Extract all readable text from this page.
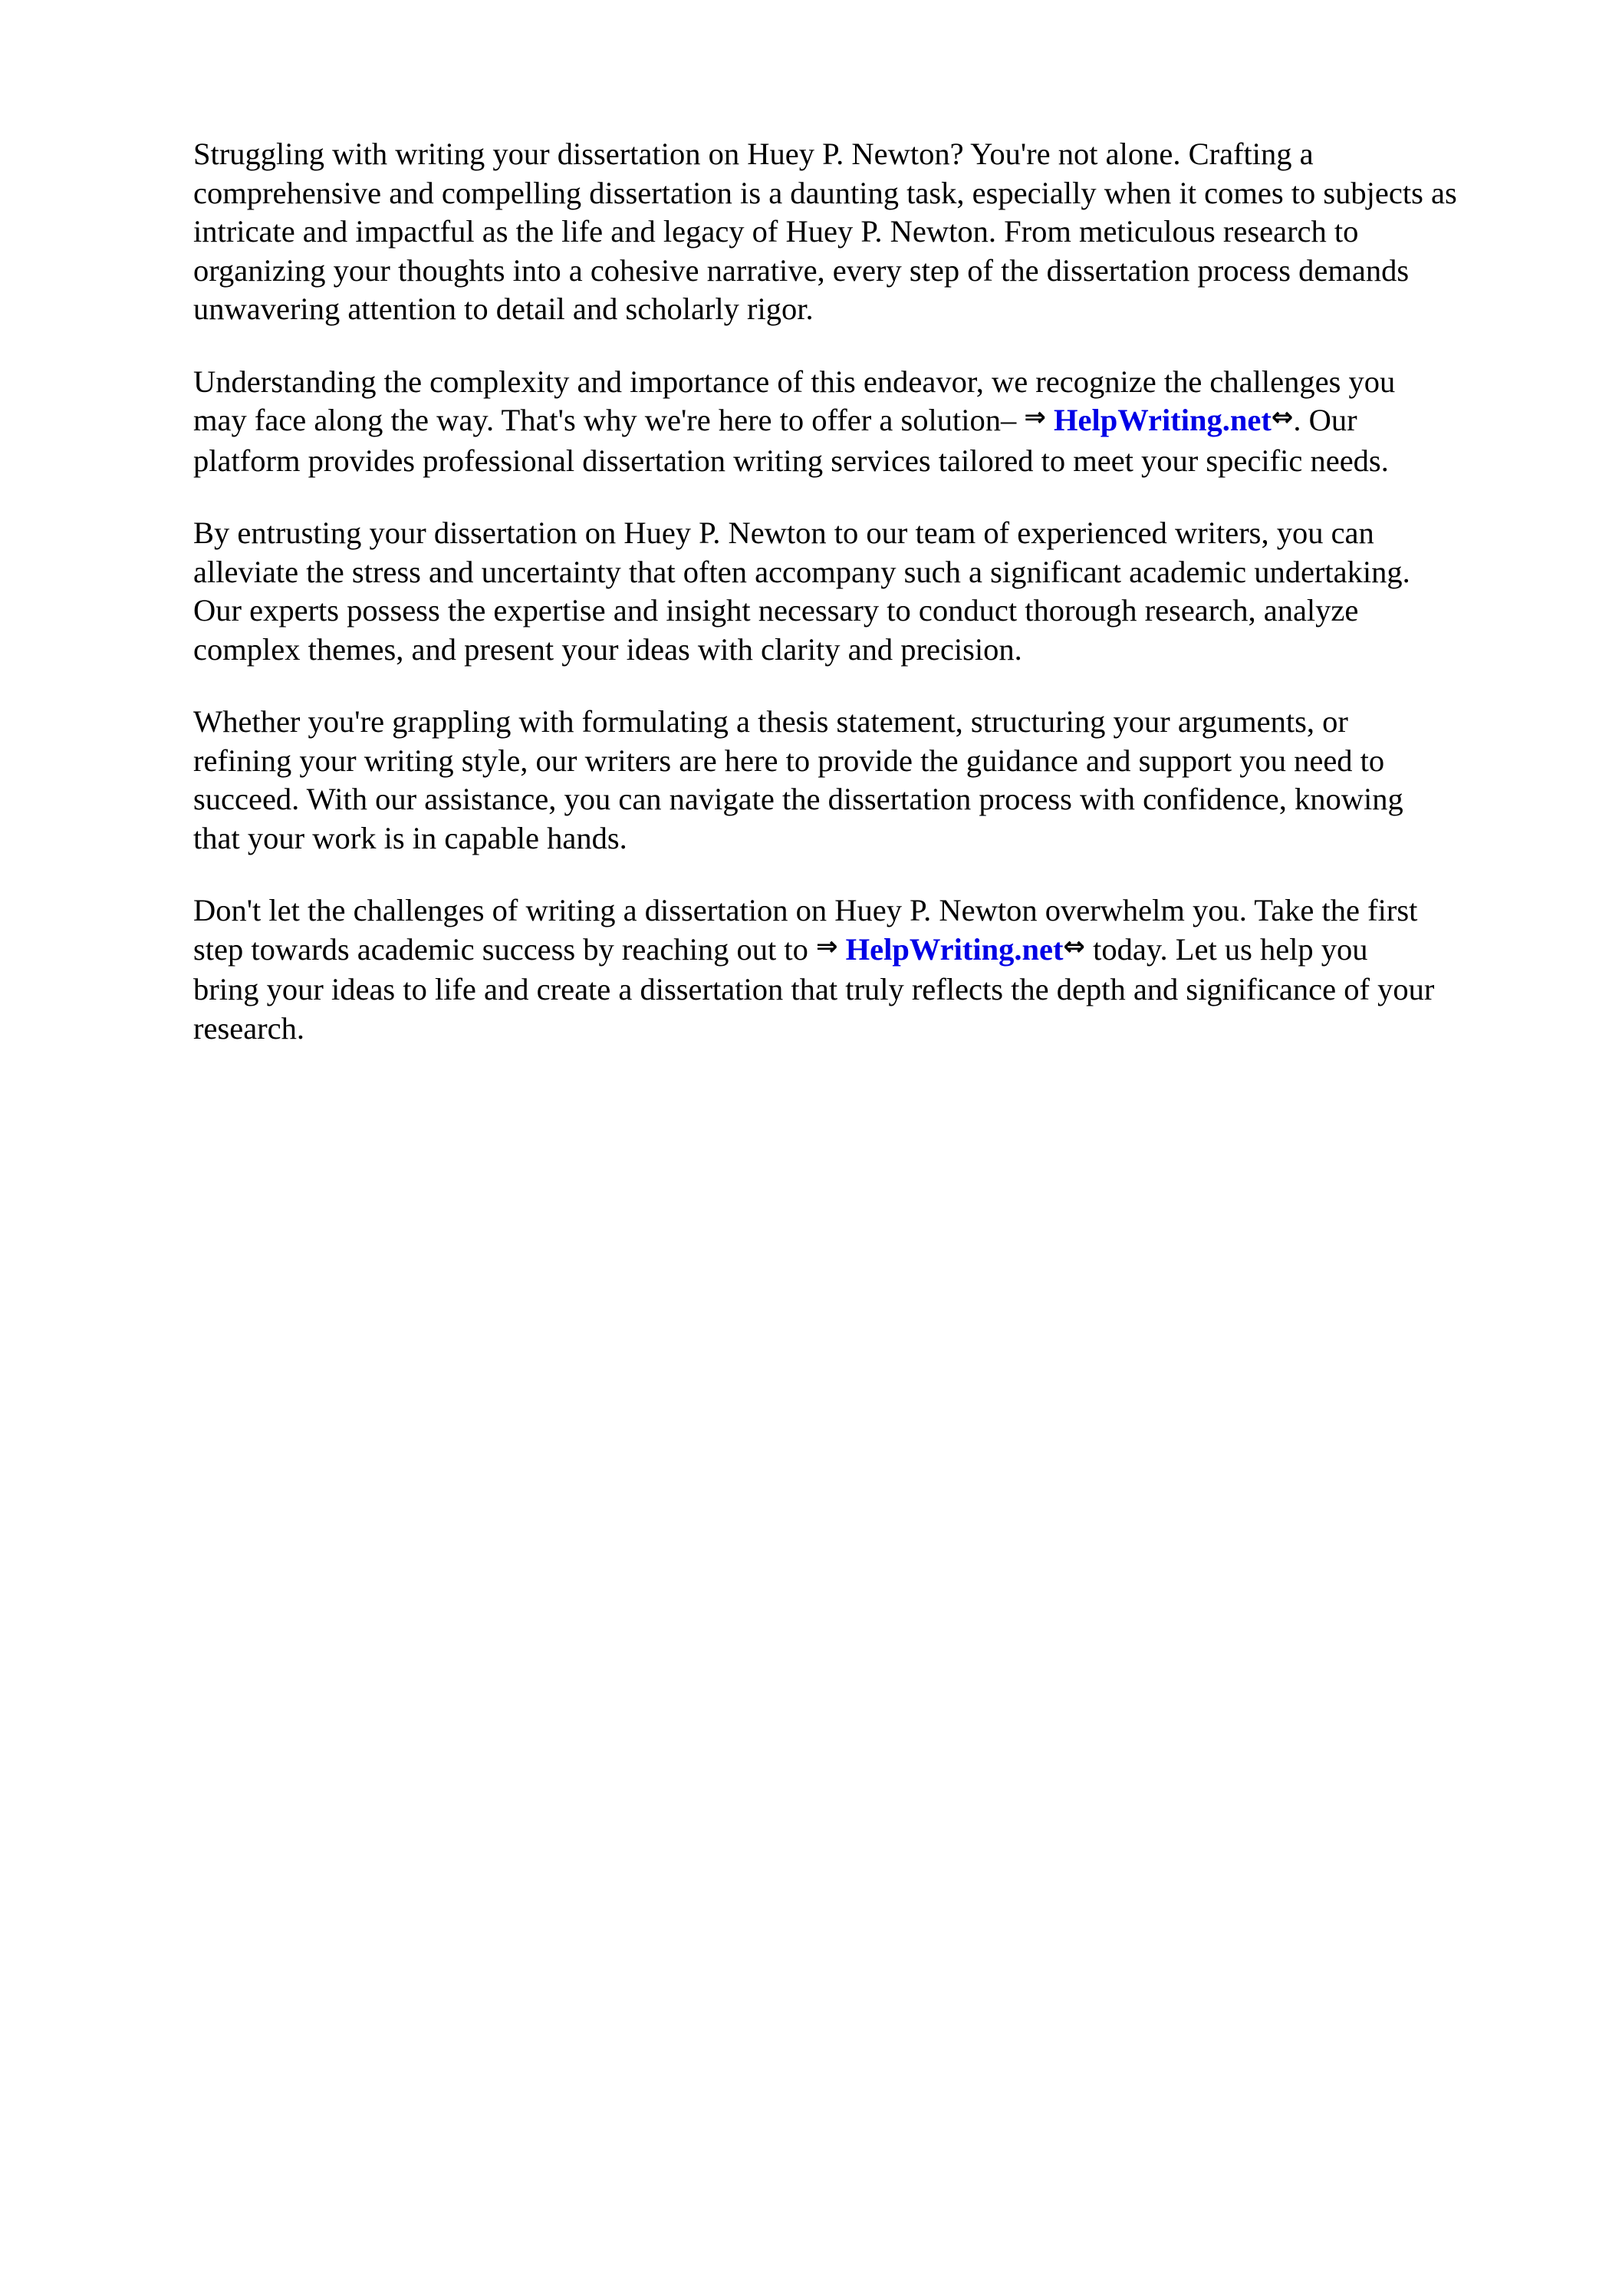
Struggling with writing your dissertation on Huey P. Newton? You're not alone. Crafting a
comprehensive and compelling dissertation is a daunting task, especially when it comes to subjects as
intricate and impactful as the life and legacy of Huey P. Newton. From meticulous research to
organizing your thoughts into a cohesive narrative, every step of the dissertation process demands
unwavering attention to detail and scholarly rigor.

Understanding the complexity and importance of this endeavor, we recognize the challenges you
may face along the way. That's why we're here to offer a solution– ⇒ HelpWriting.net⇔. Our
platform provides professional dissertation writing services tailored to meet your specific needs.

By entrusting your dissertation on Huey P. Newton to our team of experienced writers, you can
alleviate the stress and uncertainty that often accompany such a significant academic undertaking.
Our experts possess the expertise and insight necessary to conduct thorough research, analyze
complex themes, and present your ideas with clarity and precision.

Whether you're grappling with formulating a thesis statement, structuring your arguments, or
refining your writing style, our writers are here to provide the guidance and support you need to
succeed. With our assistance, you can navigate the dissertation process with confidence, knowing
that your work is in capable hands.

Don't let the challenges of writing a dissertation on Huey P. Newton overwhelm you. Take the first
step towards academic success by reaching out to ⇒ HelpWriting.net⇔ today. Let us help you
bring your ideas to life and create a dissertation that truly reflects the depth and significance of your
research.
